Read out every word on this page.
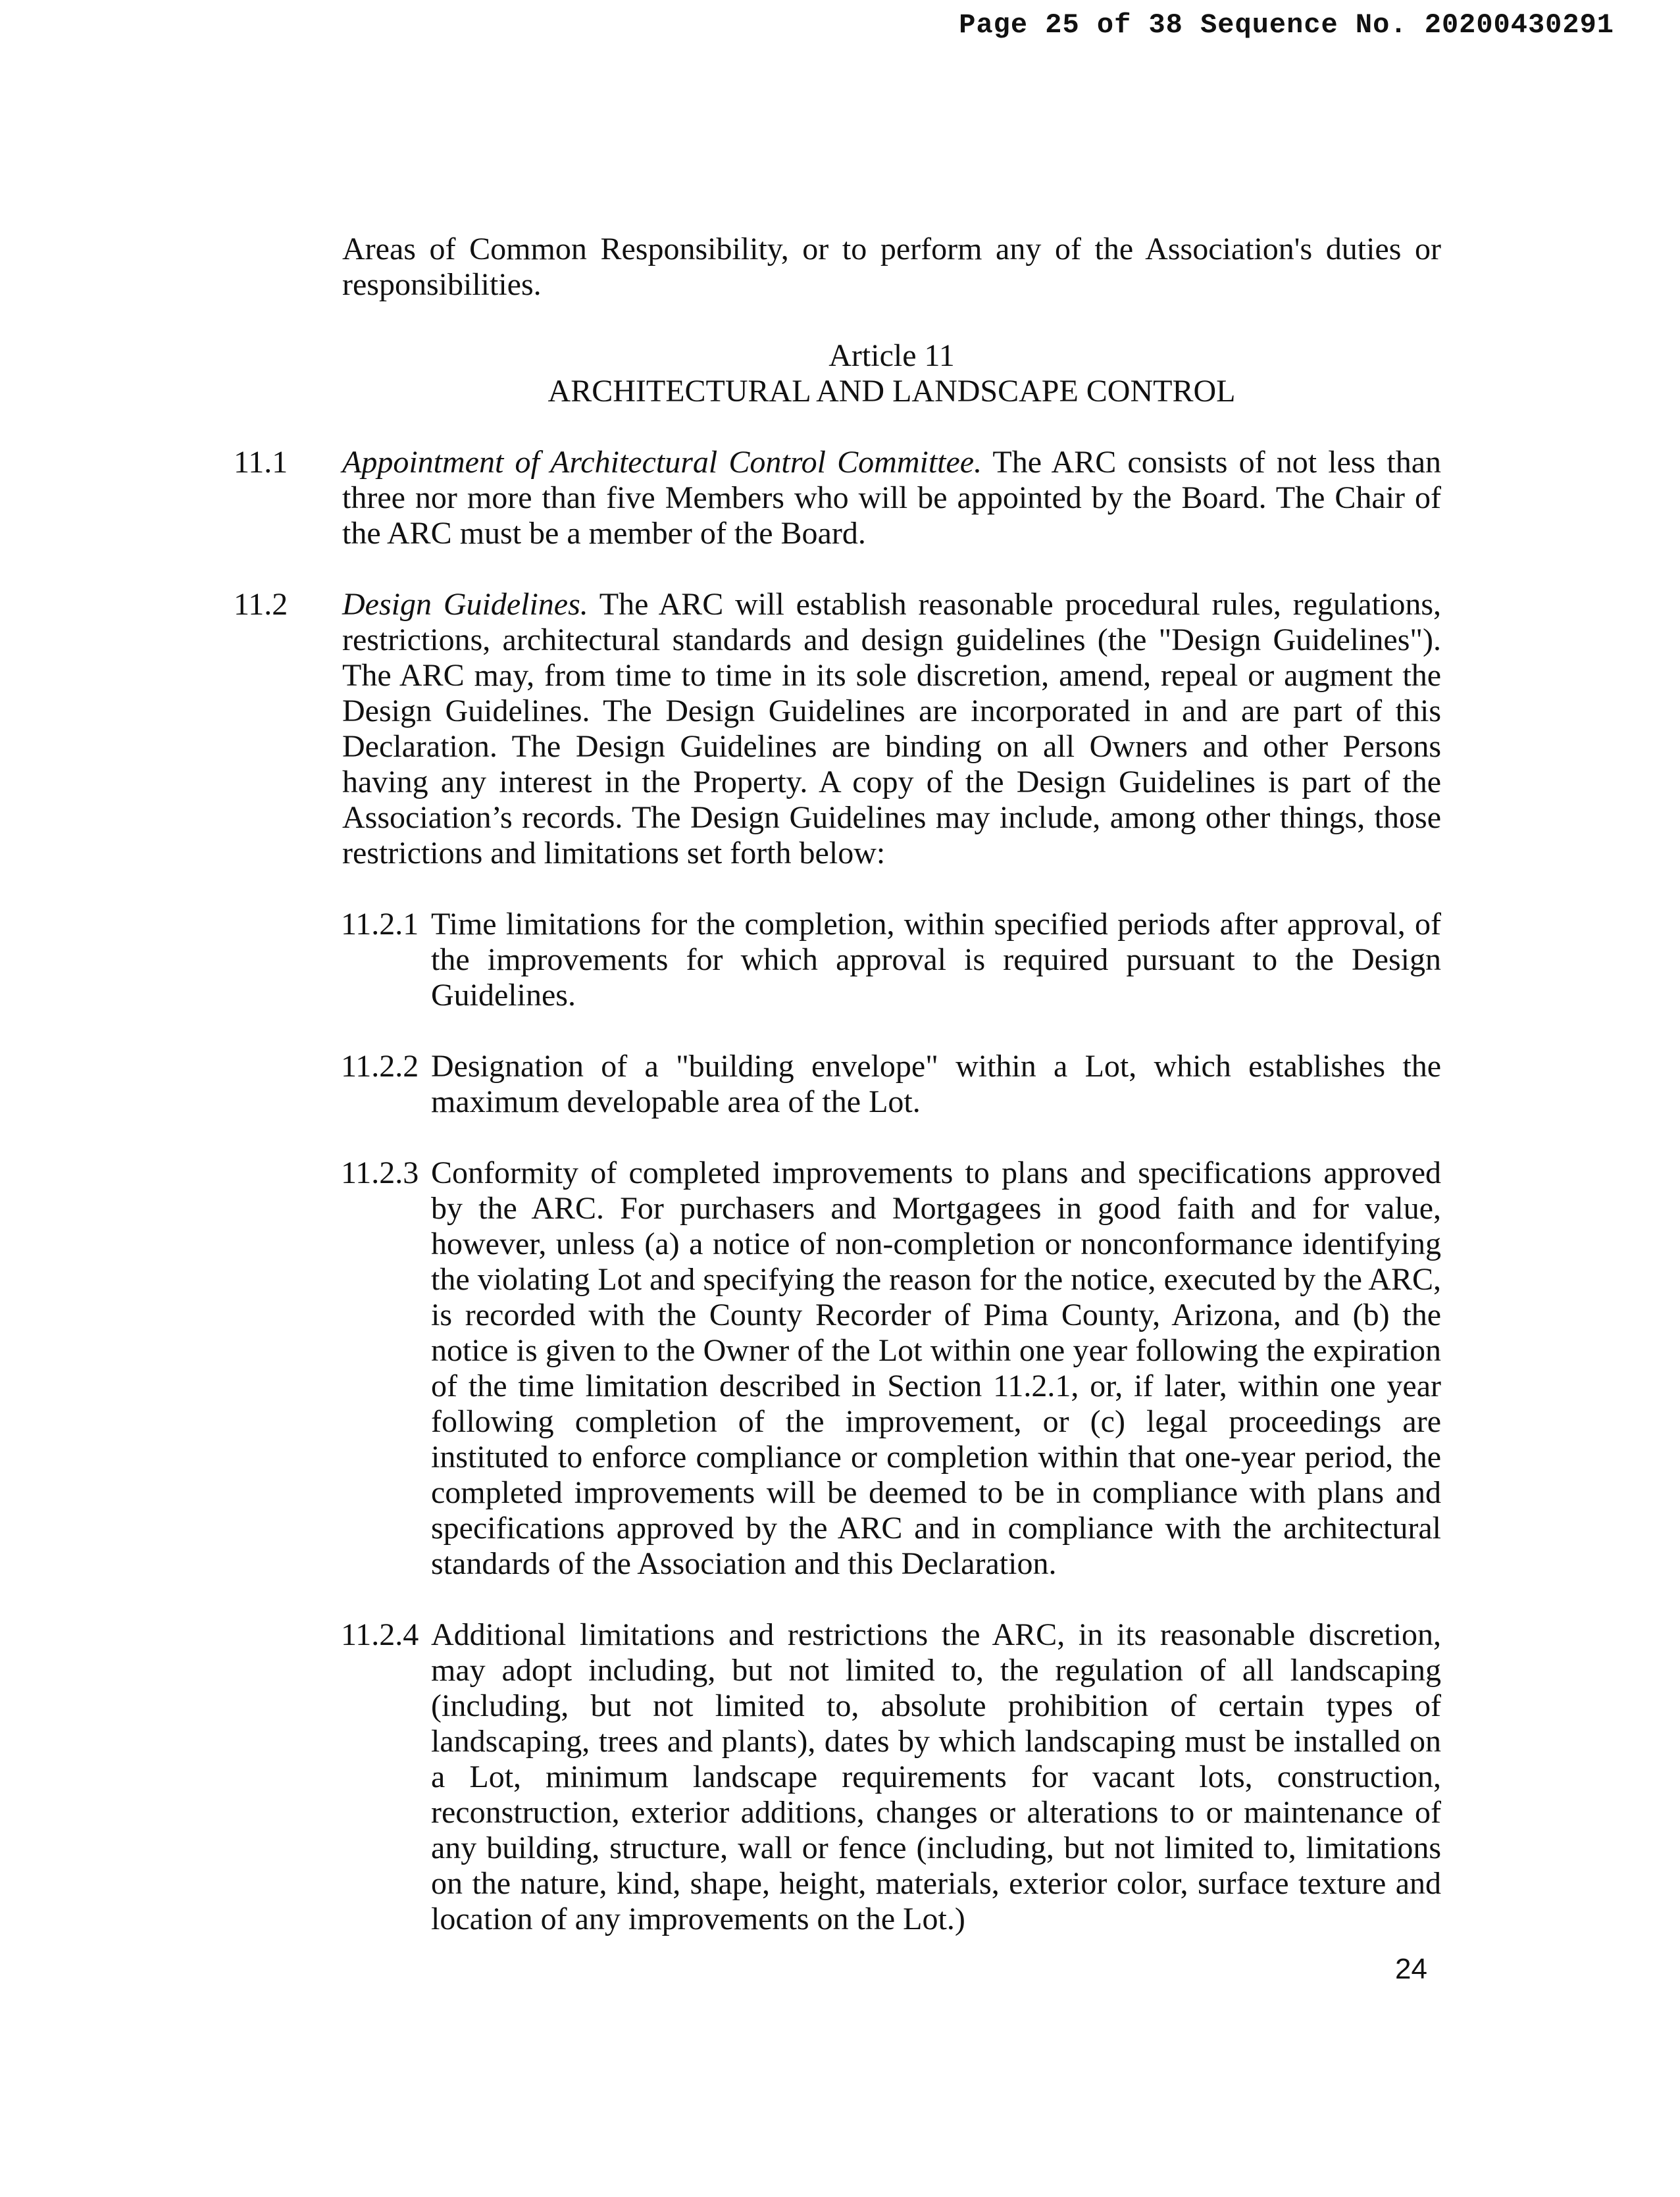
Page 25 of 38 Sequence No. 20200430291

Areas of Common Responsibility, or to perform any of the Association's duties or responsibilities.

Article 11
ARCHITECTURAL AND LANDSCAPE CONTROL
11.1 Appointment of Architectural Control Committee. The ARC consists of not less than three nor more than five Members who will be appointed by the Board. The Chair of the ARC must be a member of the Board.
11.2 Design Guidelines. The ARC will establish reasonable procedural rules, regulations, restrictions, architectural standards and design guidelines (the "Design Guidelines"). The ARC may, from time to time in its sole discretion, amend, repeal or augment the Design Guidelines. The Design Guidelines are incorporated in and are part of this Declaration. The Design Guidelines are binding on all Owners and other Persons having any interest in the Property. A copy of the Design Guidelines is part of the Association’s records. The Design Guidelines may include, among other things, those restrictions and limitations set forth below:
11.2.1 Time limitations for the completion, within specified periods after approval, of the improvements for which approval is required pursuant to the Design Guidelines.
11.2.2 Designation of a "building envelope" within a Lot, which establishes the maximum developable area of the Lot.
11.2.3 Conformity of completed improvements to plans and specifications approved by the ARC. For purchasers and Mortgagees in good faith and for value, however, unless (a) a notice of non-completion or nonconformance identifying the violating Lot and specifying the reason for the notice, executed by the ARC, is recorded with the County Recorder of Pima County, Arizona, and (b) the notice is given to the Owner of the Lot within one year following the expiration of the time limitation described in Section 11.2.1, or, if later, within one year following completion of the improvement, or (c) legal proceedings are instituted to enforce compliance or completion within that one-year period, the completed improvements will be deemed to be in compliance with plans and specifications approved by the ARC and in compliance with the architectural standards of the Association and this Declaration.
11.2.4 Additional limitations and restrictions the ARC, in its reasonable discretion, may adopt including, but not limited to, the regulation of all landscaping (including, but not limited to, absolute prohibition of certain types of landscaping, trees and plants), dates by which landscaping must be installed on a Lot, minimum landscape requirements for vacant lots, construction, reconstruction, exterior additions, changes or alterations to or maintenance of any building, structure, wall or fence (including, but not limited to, limitations on the nature, kind, shape, height, materials, exterior color, surface texture and location of any improvements on the Lot.)
24
